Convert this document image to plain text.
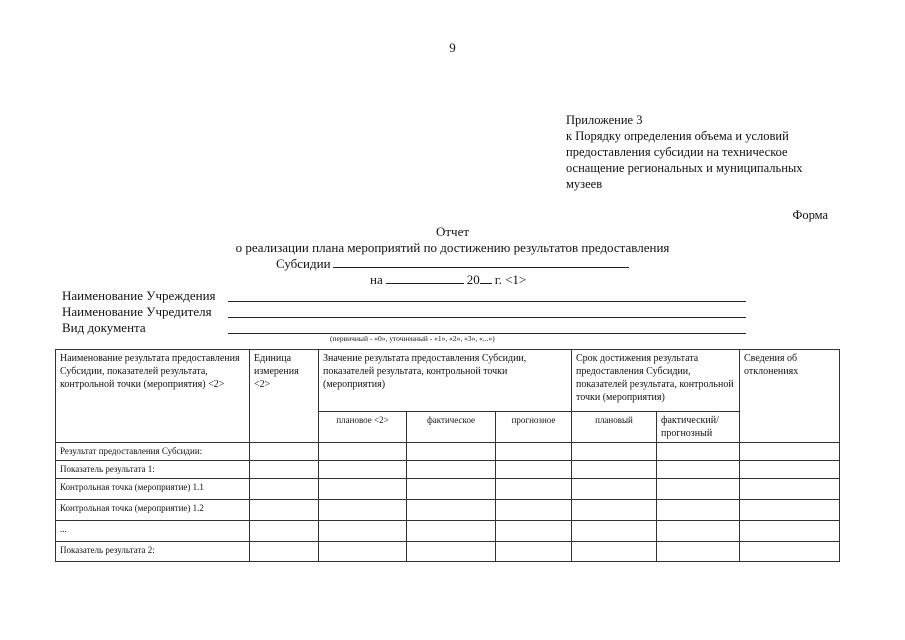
9
Приложение 3
к Порядку определения объема и условий
предоставления субсидии на техническое
оснащение региональных и муниципальных
музеев
Форма
Отчет
о реализации плана мероприятий по достижению результатов предоставления
Субсидии
на	20 г. <1>
Наименование Учреждения
Наименование Учредителя
Вид документа
(первичный - «0», уточненный - «1», «2», «3», «...»)
Наименование результата предоставления Субсидии, показателей результата, контрольной точки (мероприятия) <2>	Единица измерения <2>	Значение результата предоставления Субсидии, показателей результата, контрольной точки (мероприятия)			Срок достижения результата предоставления Субсидии, показателей результата, контрольной точки (мероприятия)		Сведения об отклонениях
		плановое <2>	фактическое	прогнозное	плановый	фактический/ прогнозный	
Результат предоставления Субсидии:							
Показатель результата 1:							
Контрольная точка (мероприятие) 1.1							
Контрольная точка (мероприятие) 1.2							
...							
Показатель результата 2:							
